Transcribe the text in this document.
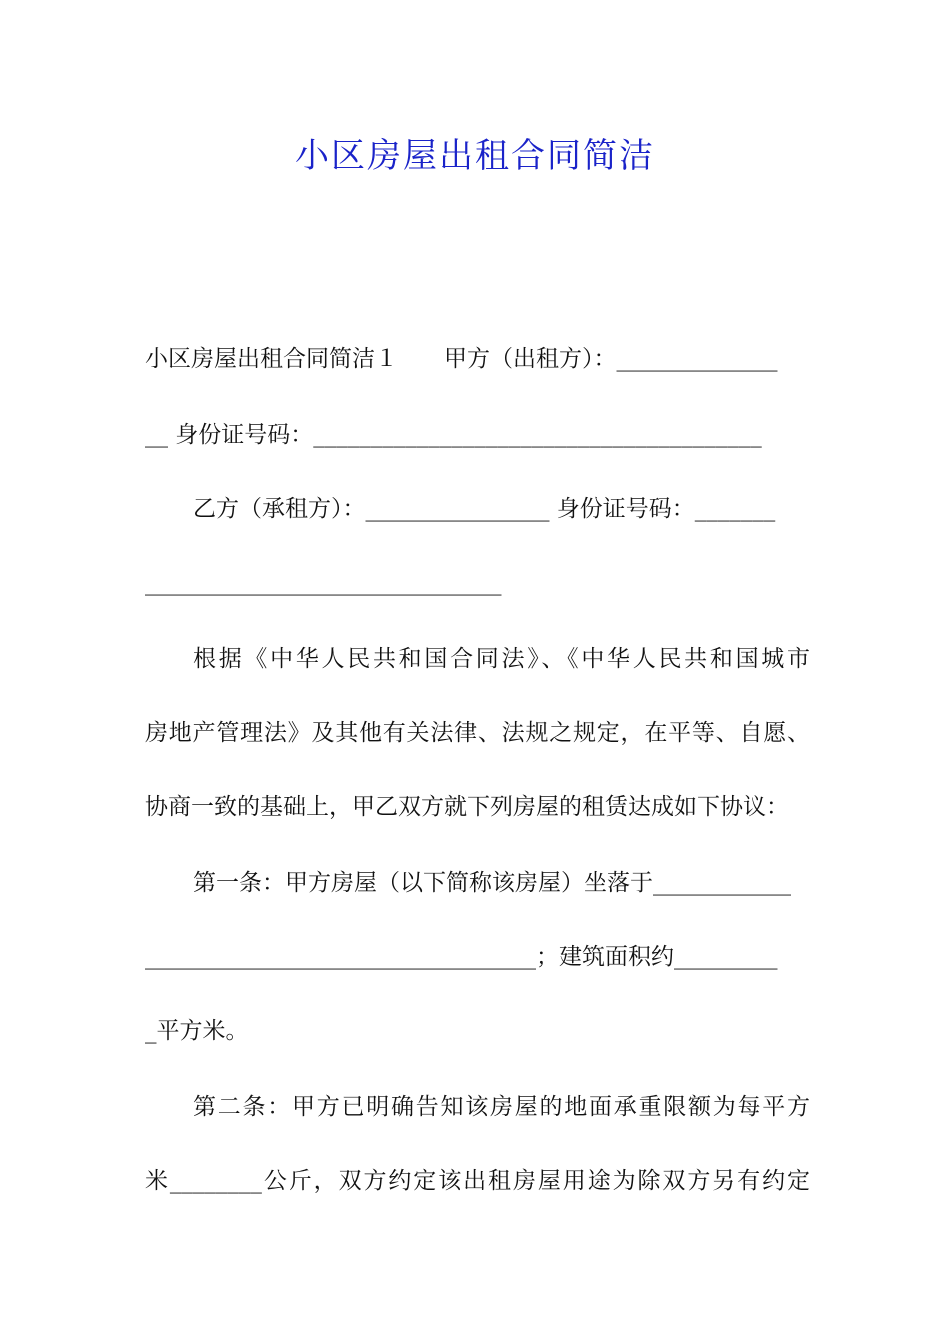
小区房屋出租合同简洁
小区房屋出租合同简洁１ 甲方（出租方）：______________
__ 身份证号码：_______________________________________
乙方（承租方）：________________ 身份证号码：_______
_______________________________
根据《中华人民共和国合同法》、《中华人民共和国城市
房地产管理法》及其他有关法律、法规之规定，在平等、自愿、
协商一致的基础上，甲乙双方就下列房屋的租赁达成如下协议：
第一条：甲方房屋（以下简称该房屋）坐落于____________
__________________________________；建筑面积约_________
_平方米。
第二条：甲方已明确告知该房屋的地面承重限额为每平方
米________公斤，双方约定该出租房屋用途为除双方另有约定
